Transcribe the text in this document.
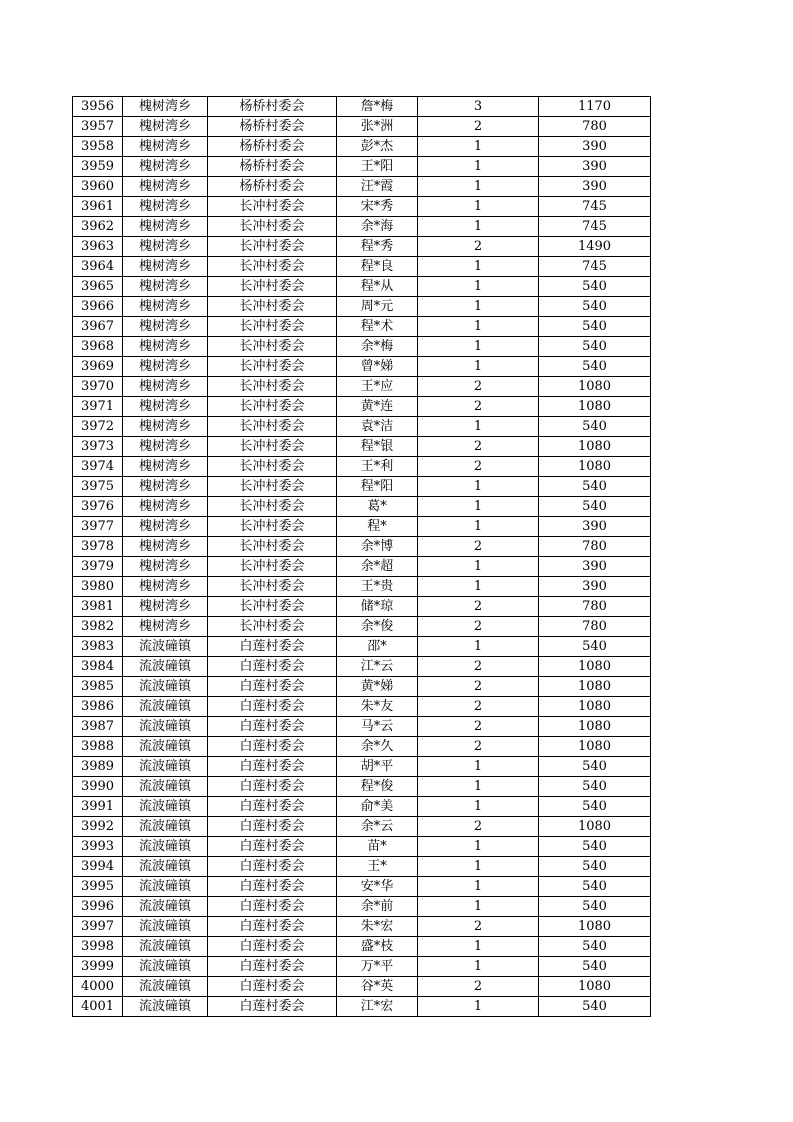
3956	槐树湾乡	杨桥村委会	詹*梅	3	1170
3957	槐树湾乡	杨桥村委会	张*洲	2	780
3958	槐树湾乡	杨桥村委会	彭*杰	1	390
3959	槐树湾乡	杨桥村委会	王*阳	1	390
3960	槐树湾乡	杨桥村委会	汪*霞	1	390
3961	槐树湾乡	长冲村委会	宋*秀	1	745
3962	槐树湾乡	长冲村委会	余*海	1	745
3963	槐树湾乡	长冲村委会	程*秀	2	1490
3964	槐树湾乡	长冲村委会	程*良	1	745
3965	槐树湾乡	长冲村委会	程*从	1	540
3966	槐树湾乡	长冲村委会	周*元	1	540
3967	槐树湾乡	长冲村委会	程*术	1	540
3968	槐树湾乡	长冲村委会	余*梅	1	540
3969	槐树湾乡	长冲村委会	曾*娣	1	540
3970	槐树湾乡	长冲村委会	王*应	2	1080
3971	槐树湾乡	长冲村委会	黄*连	2	1080
3972	槐树湾乡	长冲村委会	袁*洁	1	540
3973	槐树湾乡	长冲村委会	程*银	2	1080
3974	槐树湾乡	长冲村委会	王*利	2	1080
3975	槐树湾乡	长冲村委会	程*阳	1	540
3976	槐树湾乡	长冲村委会	葛*	1	540
3977	槐树湾乡	长冲村委会	程*	1	390
3978	槐树湾乡	长冲村委会	余*博	2	780
3979	槐树湾乡	长冲村委会	余*超	1	390
3980	槐树湾乡	长冲村委会	王*贵	1	390
3981	槐树湾乡	长冲村委会	储*琼	2	780
3982	槐树湾乡	长冲村委会	余*俊	2	780
3983	流波䃥镇	白莲村委会	邵*	1	540
3984	流波䃥镇	白莲村委会	江*云	2	1080
3985	流波䃥镇	白莲村委会	黄*娣	2	1080
3986	流波䃥镇	白莲村委会	朱*友	2	1080
3987	流波䃥镇	白莲村委会	马*云	2	1080
3988	流波䃥镇	白莲村委会	余*久	2	1080
3989	流波䃥镇	白莲村委会	胡*平	1	540
3990	流波䃥镇	白莲村委会	程*俊	1	540
3991	流波䃥镇	白莲村委会	俞*美	1	540
3992	流波䃥镇	白莲村委会	余*云	2	1080
3993	流波䃥镇	白莲村委会	苗*	1	540
3994	流波䃥镇	白莲村委会	王*	1	540
3995	流波䃥镇	白莲村委会	安*华	1	540
3996	流波䃥镇	白莲村委会	余*前	1	540
3997	流波䃥镇	白莲村委会	朱*宏	2	1080
3998	流波䃥镇	白莲村委会	盛*枝	1	540
3999	流波䃥镇	白莲村委会	万*平	1	540
4000	流波䃥镇	白莲村委会	谷*英	2	1080
4001	流波䃥镇	白莲村委会	江*宏	1	540
